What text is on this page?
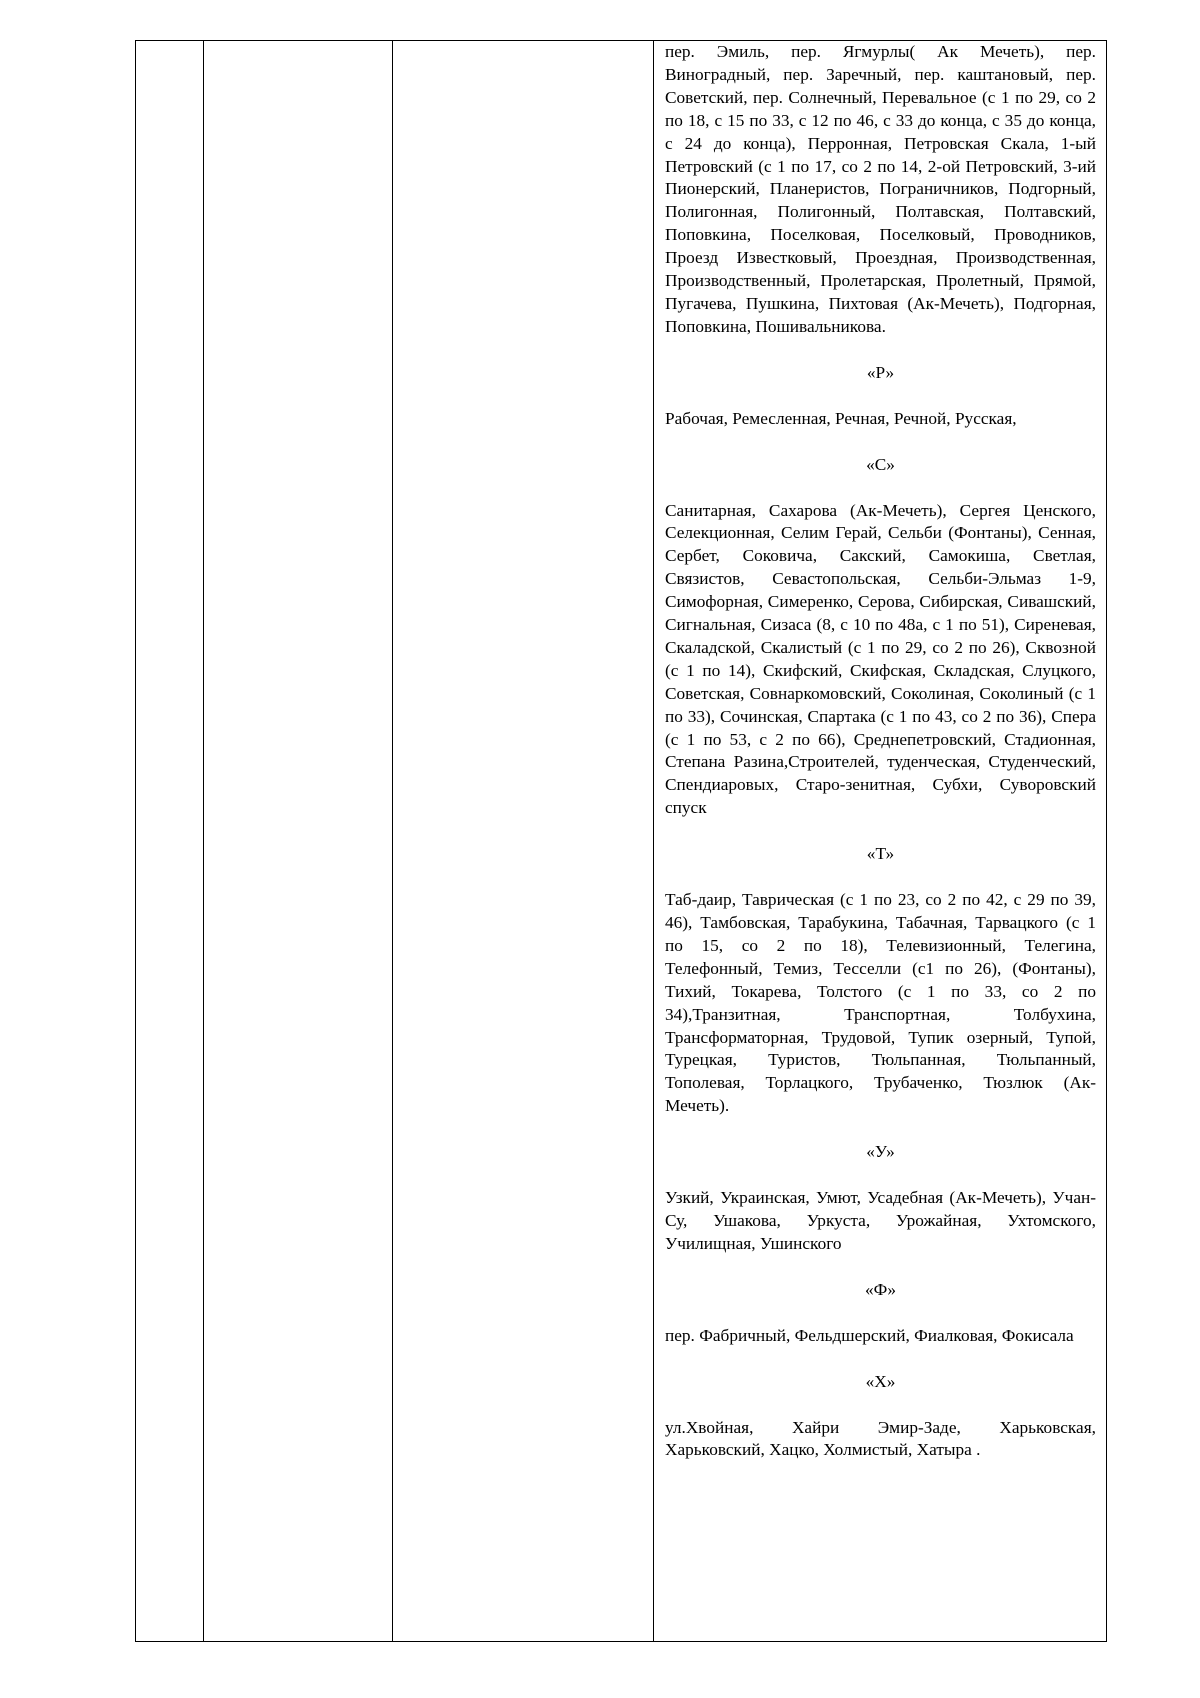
пер. Эмиль, пер. Ягмурлы( Ак Мечеть), пер. Виноградный, пер. Заречный, пер. каштановый, пер. Советский, пер. Солнечный, Перевальное (с 1 по 29, со 2 по 18, с 15 по 33, с 12 по 46, с 33 до конца, с 35 до конца, с 24 до конца), Перронная, Петровская Скала, 1-ый Петровский (с 1 по 17, со 2 по 14, 2-ой Петровский, 3-ий Пионерский, Планеристов, Пограничников, Подгорный, Полигонная, Полигонный, Полтавская, Полтавский, Поповкина, Поселковая, Поселковый, Проводников, Проезд Известковый, Проездная, Производственная, Производственный, Пролетарская, Пролетный, Прямой, Пугачева, Пушкина, Пихтовая (Ак-Мечеть), Подгорная, Поповкина, Пошивальникова.

«Р»

Рабочая, Ремесленная, Речная, Речной, Русская,

«С»

Санитарная, Сахарова (Ак-Мечеть), Сергея Ценского, Селекционная, Селим Герай, Сельби (Фонтаны), Сенная, Сербет, Соковича, Сакский, Самокиша, Светлая, Связистов, Севастопольская, Сельби-Эльмаз 1-9, Симофорная, Симеренко, Серова, Сибирская, Сивашский, Сигнальная, Сизаса (8, с 10 по 48а, с 1 по 51), Сиреневая, Скаладской, Скалистый (с 1 по 29, со 2 по 26), Сквозной (с 1 по 14), Скифский, Скифская, Складская, Слуцкого, Советская, Совнаркомовский, Соколиная, Соколиный (с 1 по 33), Сочинская, Спартака (с 1 по 43, со 2 по 36), Спера (с 1 по 53, с 2 по 66), Среднепетровский, Стадионная, Степана Разина,Строителей, туденческая, Студенческий, Спендиаровых, Старо-зенитная, Субхи, Суворовский спуск

«Т»

Таб-даир, Таврическая (с 1 по 23, со 2 по 42, с 29 по 39, 46), Тамбовская, Тарабукина, Табачная, Тарвацкого (с 1 по 15, со 2 по 18), Телевизионный, Телегина, Телефонный, Темиз, Тесселли (с1 по 26), (Фонтаны), Тихий, Токарева, Толстого (с 1 по 33, со 2 по 34),Транзитная, Транспортная, Толбухина, Трансформаторная, Трудовой, Тупик озерный, Тупой, Турецкая, Туристов, Тюльпанная, Тюльпанный, Тополевая, Торлацкого, Трубаченко, Тюзлюк (Ак- Мечеть).

«У»

Узкий, Украинская, Умют, Усадебная (Ак-Мечеть), Учан-Су, Ушакова, Уркуста, Урожайная, Ухтомского, Училищная, Ушинского

«Ф»

пер. Фабричный, Фельдшерский, Фиалковая, Фокисала

«Х»

ул.Хвойная, Хайри Эмир-Заде, Харьковская, Харьковский, Хацко, Холмистый, Хатыра .
